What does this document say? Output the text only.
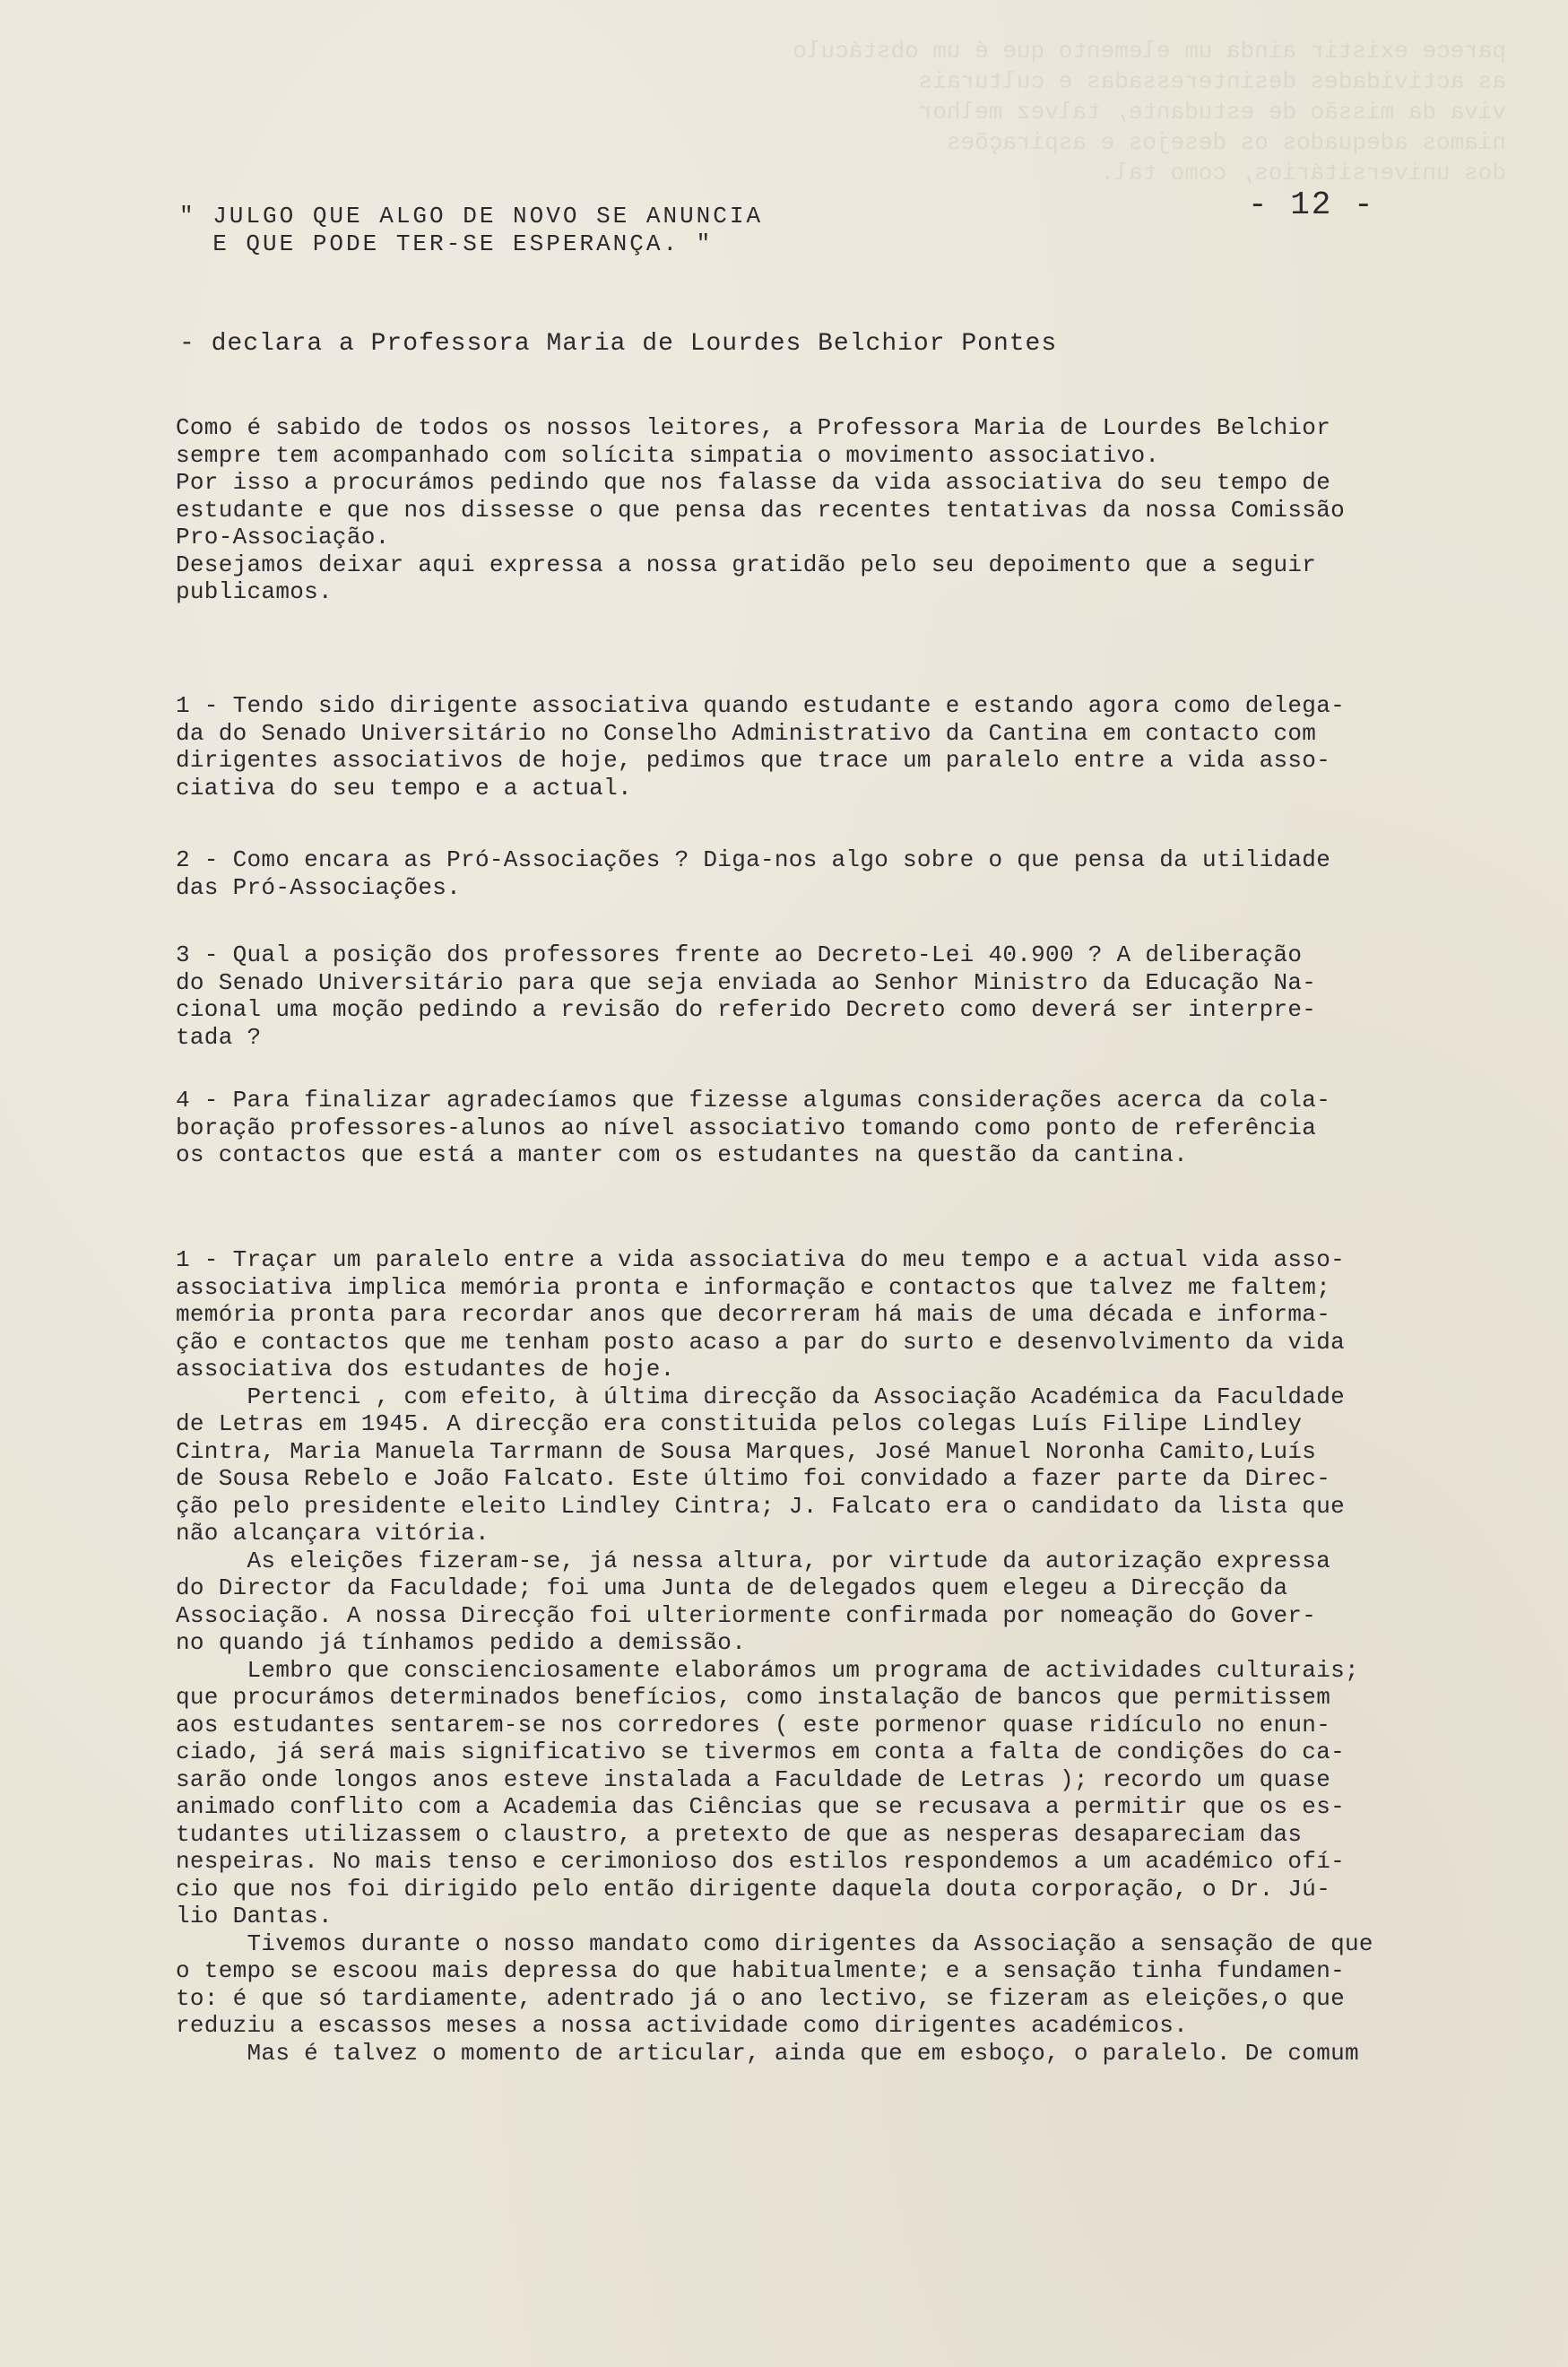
parece existir ainda um elemento que é um obstáculo
as actividades desinteressadas e culturais
viva da missão de estudante, talvez melhor
niamos adequados os desejos e aspirações
dos universitários, como tal.
- 12 -
" JULGO QUE ALGO DE NOVO SE ANUNCIA
E QUE PODE TER-SE ESPERANÇA. "
- declara a Professora Maria de Lourdes Belchior Pontes
Como é sabido de todos os nossos leitores, a Professora Maria de Lourdes Belchior
sempre tem acompanhado com solícita simpatia o movimento associativo.
Por isso a procurámos pedindo que nos falasse da vida associativa do seu tempo de
estudante e que nos dissesse o que pensa das recentes tentativas da nossa Comissão
Pro-Associação.
Desejamos deixar aqui expressa a nossa gratidão pelo seu depoimento que a seguir
publicamos.
1 - Tendo sido dirigente associativa quando estudante e estando agora como delega-
da do Senado Universitário no Conselho Administrativo da Cantina em contacto com
dirigentes associativos de hoje, pedimos que trace um paralelo entre a vida asso-
ciativa do seu tempo e a actual.
2 - Como encara as Pró-Associações ? Diga-nos algo sobre o que pensa da utilidade
das Pró-Associações.
3 - Qual a posição dos professores frente ao Decreto-Lei 40.900 ? A deliberação
do Senado Universitário para que seja enviada ao Senhor Ministro da Educação Na-
cional uma moção pedindo a revisão do referido Decreto como deverá ser interpre-
tada ?
4 - Para finalizar agradecíamos que fizesse algumas considerações acerca da cola-
boração professores-alunos ao nível associativo tomando como ponto de referência
os contactos que está a manter com os estudantes na questão da cantina.
1 - Traçar um paralelo entre a vida associativa do meu tempo e a actual vida asso-
associativa implica memória pronta e informação e contactos que talvez me faltem;
memória pronta para recordar anos que decorreram há mais de uma década e informa-
ção e contactos que me tenham posto acaso a par do surto e desenvolvimento da vida
associativa dos estudantes de hoje.
Pertenci , com efeito, à última direcção da Associação Académica da Faculdade
de Letras em 1945. A direcção era constituida pelos colegas Luís Filipe Lindley
Cintra, Maria Manuela Tarrmann de Sousa Marques, José Manuel Noronha Camito,Luís
de Sousa Rebelo e João Falcato. Este último foi convidado a fazer parte da Direc-
ção pelo presidente eleito Lindley Cintra; J. Falcato era o candidato da lista que
não alcançara vitória.
As eleições fizeram-se, já nessa altura, por virtude da autorização expressa
do Director da Faculdade; foi uma Junta de delegados quem elegeu a Direcção da
Associação. A nossa Direcção foi ulteriormente confirmada por nomeação do Gover-
no quando já tínhamos pedido a demissão.
Lembro que conscienciosamente elaborámos um programa de actividades culturais;
que procurámos determinados benefícios, como instalação de bancos que permitissem
aos estudantes sentarem-se nos corredores ( este pormenor quase ridículo no enun-
ciado, já será mais significativo se tivermos em conta a falta de condições do ca-
sarão onde longos anos esteve instalada a Faculdade de Letras ); recordo um quase
animado conflito com a Academia das Ciências que se recusava a permitir que os es-
tudantes utilizassem o claustro, a pretexto de que as nesperas desapareciam das
nespeiras. No mais tenso e cerimonioso dos estilos respondemos a um académico ofí-
cio que nos foi dirigido pelo então dirigente daquela douta corporação, o Dr. Jú-
lio Dantas.
Tivemos durante o nosso mandato como dirigentes da Associação a sensação de que
o tempo se escoou mais depressa do que habitualmente; e a sensação tinha fundamen-
to: é que só tardiamente, adentrado já o ano lectivo, se fizeram as eleições,o que
reduziu a escassos meses a nossa actividade como dirigentes académicos.
Mas é talvez o momento de articular, ainda que em esboço, o paralelo. De comum
